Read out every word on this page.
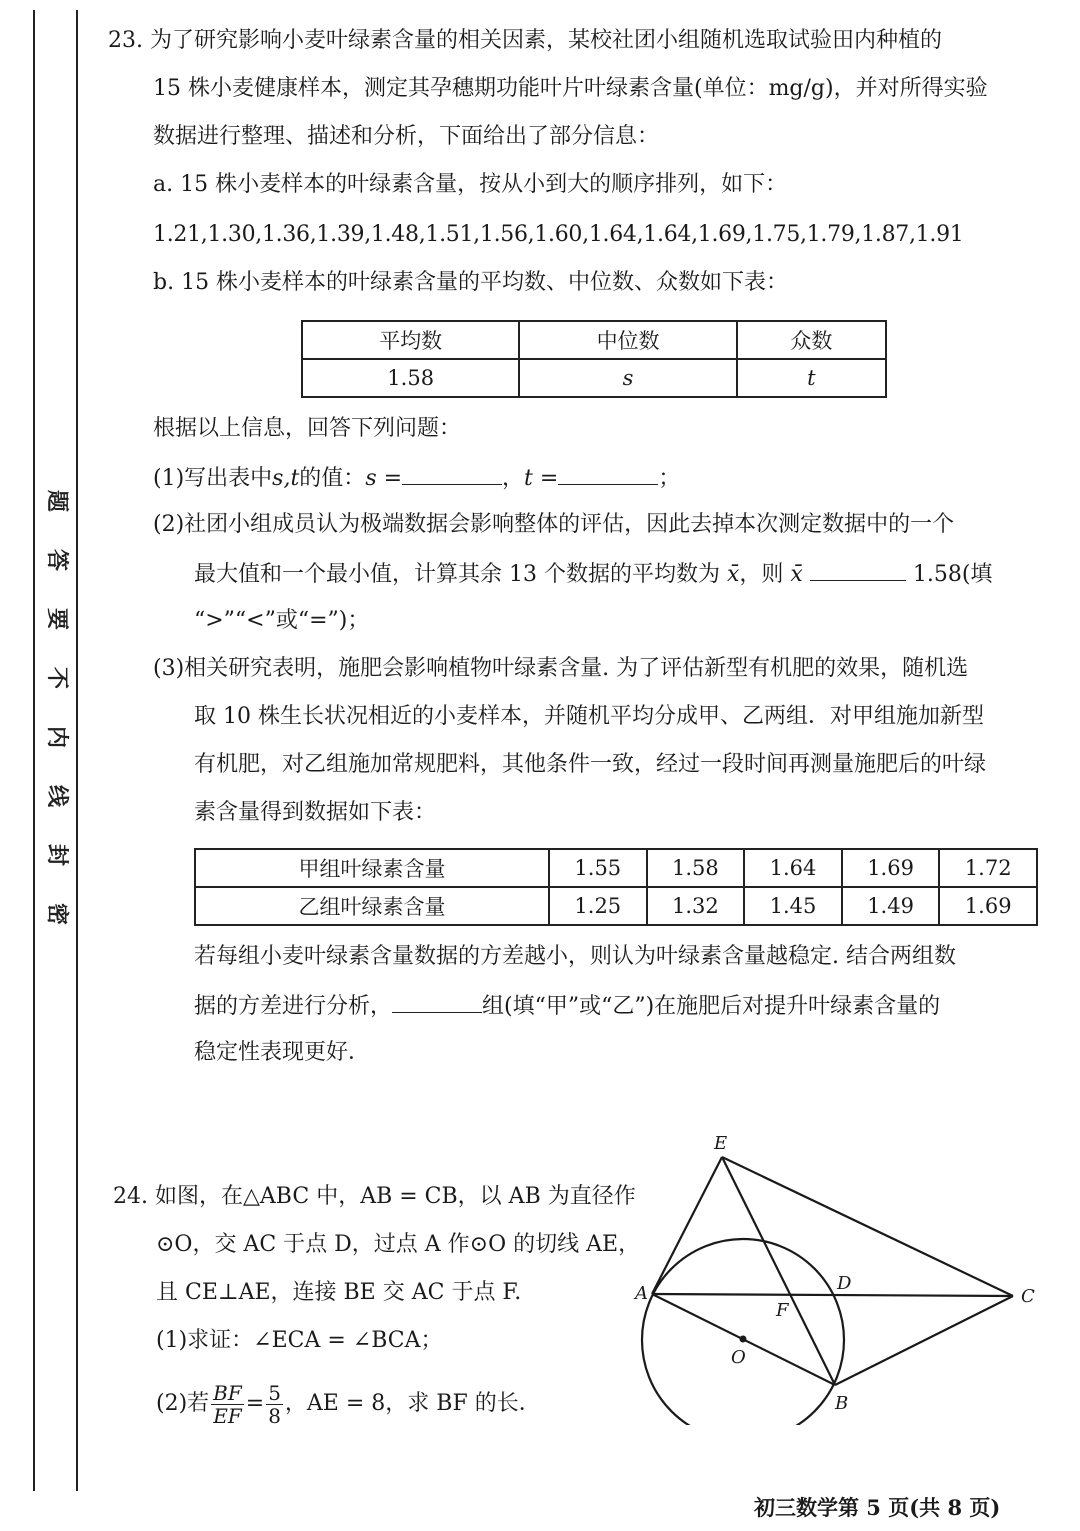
题
答
要
不
内
线
封
密
23. 为了研究影响小麦叶绿素含量的相关因素，某校社团小组随机选取试验田内种植的
15 株小麦健康样本，测定其孕穗期功能叶片叶绿素含量(单位：mg/g)，并对所得实验
数据进行整理、描述和分析，下面给出了部分信息：
a. 15 株小麦样本的叶绿素含量，按从小到大的顺序排列，如下：
1.21,1.30,1.36,1.39,1.48,1.51,1.56,1.60,1.64,1.64,1.69,1.75,1.79,1.87,1.91
b. 15 株小麦样本的叶绿素含量的平均数、中位数、众数如下表：
平均数	中位数	众数
1.58	s	t
根据以上信息，回答下列问题：
(1)写出表中s,t的值：s =	，t =	；
(2)社团小组成员认为极端数据会影响整体的评估，因此去掉本次测定数据中的一个
最大值和一个最小值，计算其余 13 个数据的平均数为 x̄，则 x̄	1.58(填
“>”“<”或“=”)；
(3)相关研究表明，施肥会影响植物叶绿素含量. 为了评估新型有机肥的效果，随机选
取 10 株生长状况相近的小麦样本，并随机平均分成甲、乙两组．对甲组施加新型
有机肥，对乙组施加常规肥料，其他条件一致，经过一段时间再测量施肥后的叶绿
素含量得到数据如下表：
甲组叶绿素含量	1.55	1.58	1.64	1.69	1.72
乙组叶绿素含量	1.25	1.32	1.45	1.49	1.69
若每组小麦叶绿素含量数据的方差越小，则认为叶绿素含量越稳定. 结合两组数
据的方差进行分析，	组(填“甲”或“乙”)在施肥后对提升叶绿素含量的
稳定性表现更好．
24. 如图，在△ABC 中，AB = CB，以 AB 为直径作
⊙O，交 AC 于点 D，过点 A 作⊙O 的切线 AE，
且 CE⊥AE，连接 BE 交 AC 于点 F.
(1)求证：∠ECA = ∠BCA；
(2)若 $\frac{BF}{EF} = \frac{5}{8}$ ，AE = 8，求 BF 的长．
E
A	D
C
F
O
B
初三数学第 5 页(共 8 页)
